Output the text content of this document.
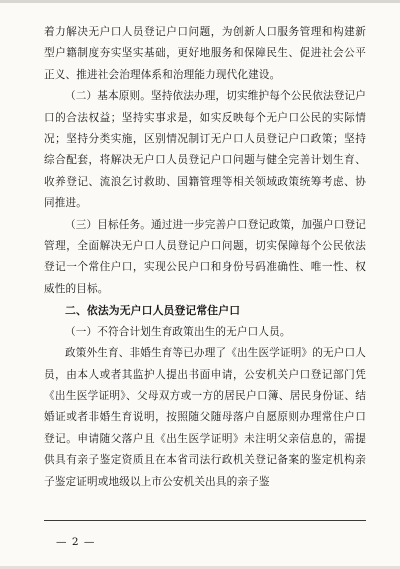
着力解决无户口人员登记户口问题，为创新人口服务管理和构建新型户籍制度夯实坚实基础，更好地服务和保障民生、促进社会公平正义、推进社会治理体系和治理能力现代化建设。

（二）基本原则。坚持依法办理，切实维护每个公民依法登记户口的合法权益；坚持实事求是，如实反映每个无户口公民的实际情况；坚持分类实施，区别情况制订无户口人员登记户口政策；坚持综合配套，将解决无户口人员登记户口问题与健全完善计划生育、收养登记、流浪乞讨救助、国籍管理等相关领域政策统筹考虑、协同推进。

（三）目标任务。通过进一步完善户口登记政策，加强户口登记管理，全面解决无户口人员登记户口问题，切实保障每个公民依法登记一个常住户口，实现公民户口和身份号码准确性、唯一性、权威性的目标。

二、依法为无户口人员登记常住户口

（一）不符合计划生育政策出生的无户口人员。

政策外生育、非婚生育等已办理了《出生医学证明》的无户口人员，由本人或者其监护人提出书面申请，公安机关户口登记部门凭《出生医学证明》、父母双方或一方的居民户口簿、居民身份证、结婚证或者非婚生育说明，按照随父随母落户自愿原则办理常住户口登记。申请随父落户且《出生医学证明》未注明父亲信息的，需提供具有亲子鉴定资质且在本省司法行政机关登记备案的鉴定机构亲子鉴定证明或地级以上市公安机关出具的亲子鉴

— 2 —
